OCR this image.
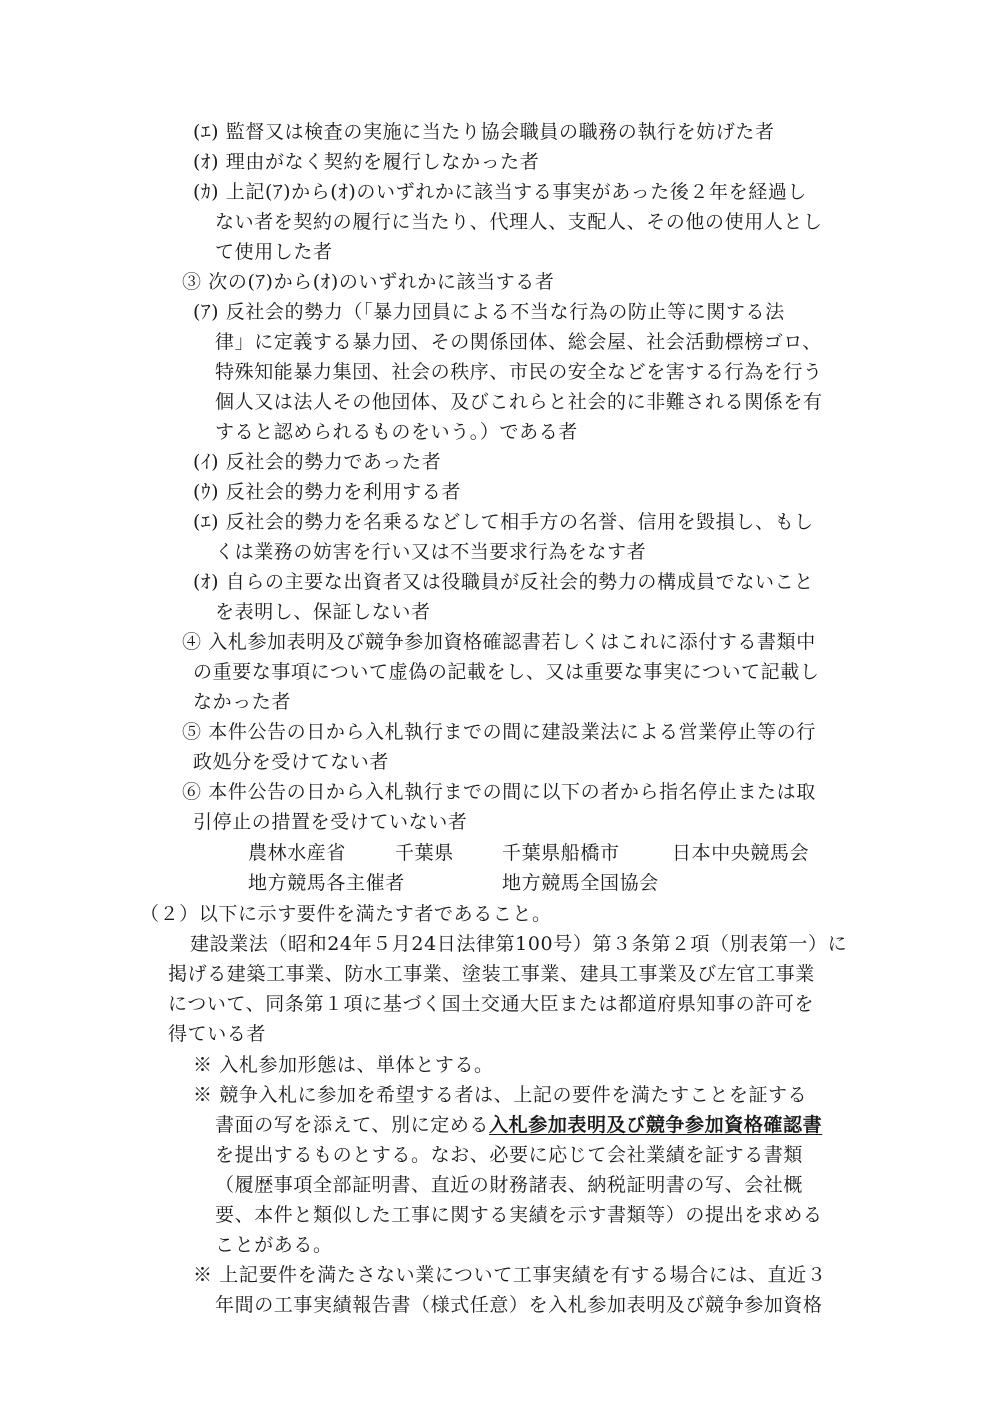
(ｴ) 監督又は検査の実施に当たり協会職員の職務の執行を妨げた者
(ｵ) 理由がなく契約を履行しなかった者
(ｶ) 上記(ｱ)から(ｵ)のいずれかに該当する事実があった後２年を経過し
ない者を契約の履行に当たり、代理人、支配人、その他の使用人とし
て使用した者
③ 次の(ｱ)から(ｵ)のいずれかに該当する者
(ｱ) 反社会的勢力（「暴力団員による不当な行為の防止等に関する法
律」に定義する暴力団、その関係団体、総会屋、社会活動標榜ゴロ、
特殊知能暴力集団、社会の秩序、市民の安全などを害する行為を行う
個人又は法人その他団体、及びこれらと社会的に非難される関係を有
すると認められるものをいう。）である者
(ｲ) 反社会的勢力であった者
(ｳ) 反社会的勢力を利用する者
(ｴ) 反社会的勢力を名乗るなどして相手方の名誉、信用を毀損し、もし
くは業務の妨害を行い又は不当要求行為をなす者
(ｵ) 自らの主要な出資者又は役職員が反社会的勢力の構成員でないこと
を表明し、保証しない者
④ 入札参加表明及び競争参加資格確認書若しくはこれに添付する書類中
の重要な事項について虚偽の記載をし、又は重要な事実について記載し
なかった者
⑤ 本件公告の日から入札執行までの間に建設業法による営業停止等の行
政処分を受けてない者
⑥ 本件公告の日から入札執行までの間に以下の者から指名停止または取
引停止の措置を受けていない者
農林水産省	千葉県	千葉県船橋市	日本中央競馬会
地方競馬各主催者	地方競馬全国協会
（２）以下に示す要件を満たす者であること。
建設業法（昭和24年５月24日法律第100号）第３条第２項（別表第一）に
掲げる建築工事業、防水工事業、塗装工事業、建具工事業及び左官工事業
について、同条第１項に基づく国土交通大臣または都道府県知事の許可を
得ている者
※ 入札参加形態は、単体とする。
※ 競争入札に参加を希望する者は、上記の要件を満たすことを証する
書面の写を添えて、別に定める入札参加表明及び競争参加資格確認書
を提出するものとする。なお、必要に応じて会社業績を証する書類
（履歴事項全部証明書、直近の財務諸表、納税証明書の写、会社概
要、本件と類似した工事に関する実績を示す書類等）の提出を求める
ことがある。
※ 上記要件を満たさない業について工事実績を有する場合には、直近３
年間の工事実績報告書（様式任意）を入札参加表明及び競争参加資格
